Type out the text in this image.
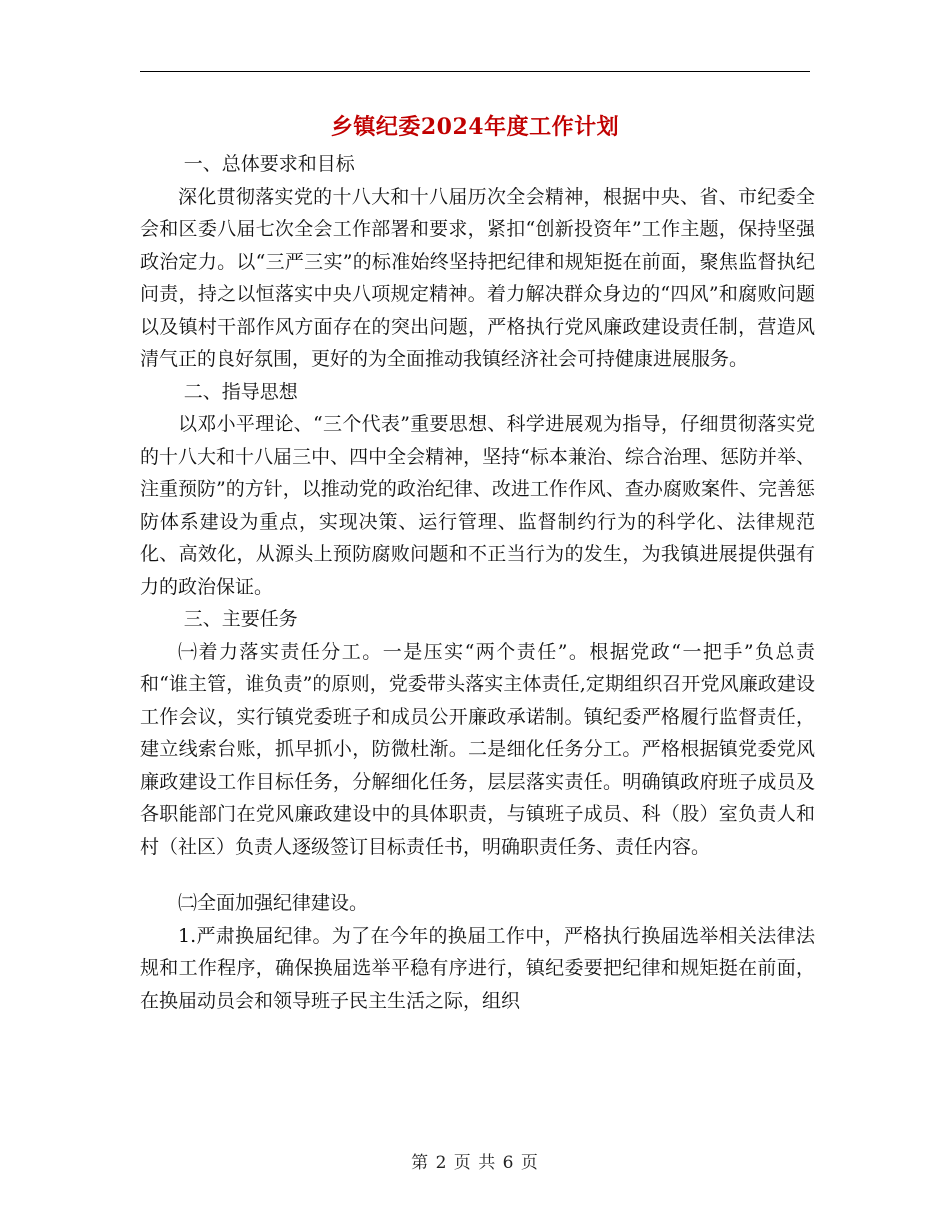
乡镇纪委2024年度工作计划

一、总体要求和目标

深化贯彻落实党的十八大和十八届历次全会精神，根据中央、省、市纪委全会和区委八届七次全会工作部署和要求，紧扣“创新投资年”工作主题，保持坚强政治定力。以“三严三实”的标准始终坚持把纪律和规矩挺在前面，聚焦监督执纪问责，持之以恒落实中央八项规定精神。着力解决群众身边的“四风”和腐败问题以及镇村干部作风方面存在的突出问题，严格执行党风廉政建设责任制，营造风清气正的良好氛围，更好的为全面推动我镇经济社会可持健康进展服务。

二、指导思想

以邓小平理论、“三个代表”重要思想、科学进展观为指导，仔细贯彻落实党的十八大和十八届三中、四中全会精神，坚持“标本兼治、综合治理、惩防并举、注重预防”的方针，以推动党的政治纪律、改进工作作风、查办腐败案件、完善惩防体系建设为重点，实现决策、运行管理、监督制约行为的科学化、法律规范化、高效化，从源头上预防腐败问题和不正当行为的发生，为我镇进展提供强有力的政治保证。

三、主要任务

㈠着力落实责任分工。一是压实“两个责任”。根据党政“一把手”负总责和“谁主管，谁负责”的原则，党委带头落实主体责任,定期组织召开党风廉政建设工作会议，实行镇党委班子和成员公开廉政承诺制。镇纪委严格履行监督责任，建立线索台账，抓早抓小，防微杜渐。二是细化任务分工。严格根据镇党委党风廉政建设工作目标任务，分解细化任务，层层落实责任。明确镇政府班子成员及各职能部门在党风廉政建设中的具体职责，与镇班子成员、科（股）室负责人和村（社区）负责人逐级签订目标责任书，明确职责任务、责任内容。

㈡全面加强纪律建设。

1.严肃换届纪律。为了在今年的换届工作中，严格执行换届选举相关法律法规和工作程序，确保换届选举平稳有序进行，镇纪委要把纪律和规矩挺在前面，在换届动员会和领导班子民主生活之际，组织

第 2 页 共 6 页
